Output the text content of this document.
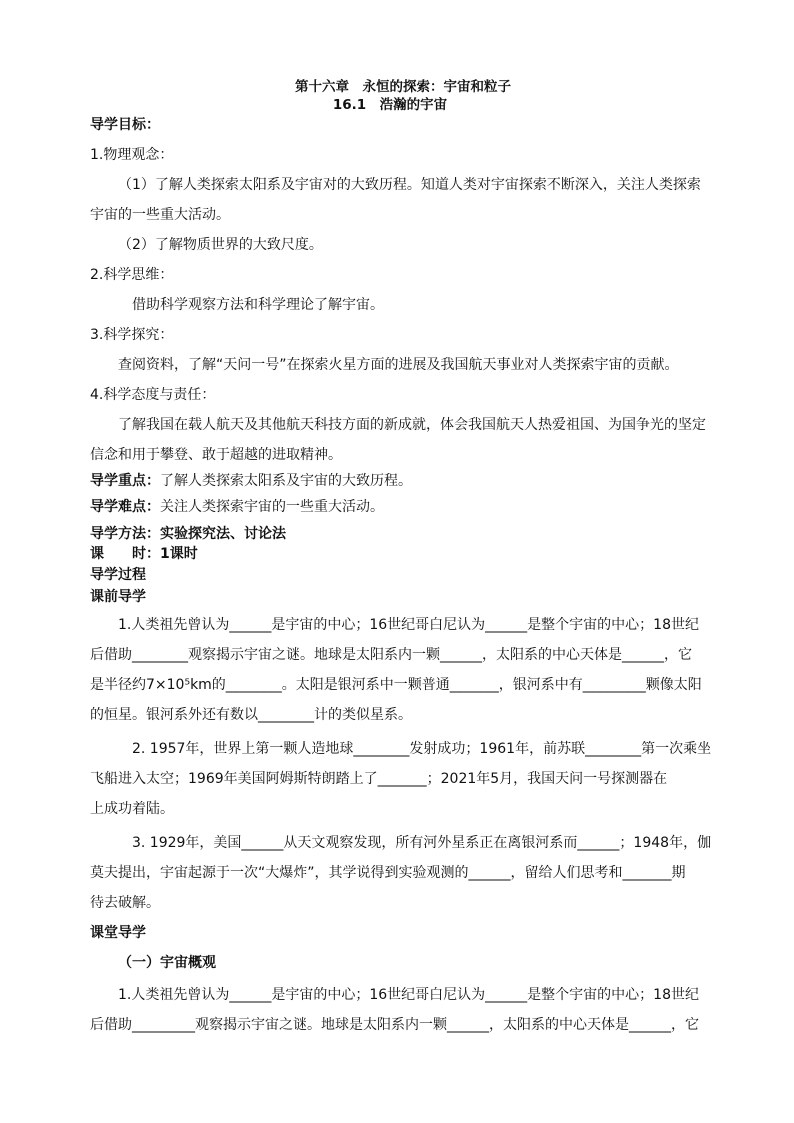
第十六章　永恒的探索：宇宙和粒子
16.1　浩瀚的宇宙
导学目标：
1.物理观念：
（1）了解人类探索太阳系及宇宙对的大致历程。知道人类对宇宙探索不断深入，关注人类探索
宇宙的一些重大活动。
（2）了解物质世界的大致尺度。
2.科学思维：
借助科学观察方法和科学理论了解宇宙。
3.科学探究：
查阅资料，了解“天问一号”在探索火星方面的进展及我国航天事业对人类探索宇宙的贡献。
4.科学态度与责任：
了解我国在载人航天及其他航天科技方面的新成就，体会我国航天人热爱祖国、为国争光的坚定
信念和用于攀登、敢于超越的进取精神。
导学重点：了解人类探索太阳系及宇宙的大致历程。
导学难点：关注人类探索宇宙的一些重大活动。
导学方法：实验探究法、讨论法
课　　时：1课时
导学过程
课前导学
1.人类祖先曾认为______是宇宙的中心；16世纪哥白尼认为______是整个宇宙的中心；18世纪
后借助________观察揭示宇宙之谜。地球是太阳系内一颗______，太阳系的中心天体是______，它
是半径约7×10⁵km的________。太阳是银河系中一颗普通_______，银河系中有_________颗像太阳
的恒星。银河系外还有数以________计的类似星系。
2. 1957年，世界上第一颗人造地球________发射成功；1961年，前苏联________第一次乘坐
飞船进入太空；1969年美国阿姆斯特朗踏上了_______；2021年5月，我国天问一号探测器在
上成功着陆。
3. 1929年，美国______从天文观察发现，所有河外星系正在离银河系而______；1948年，伽
莫夫提出，宇宙起源于一次“大爆炸”，其学说得到实验观测的______，留给人们思考和_______期
待去破解。
课堂导学
（一）宇宙概观
1.人类祖先曾认为______是宇宙的中心；16世纪哥白尼认为______是整个宇宙的中心；18世纪
后借助_________观察揭示宇宙之谜。地球是太阳系内一颗______，太阳系的中心天体是______，它
